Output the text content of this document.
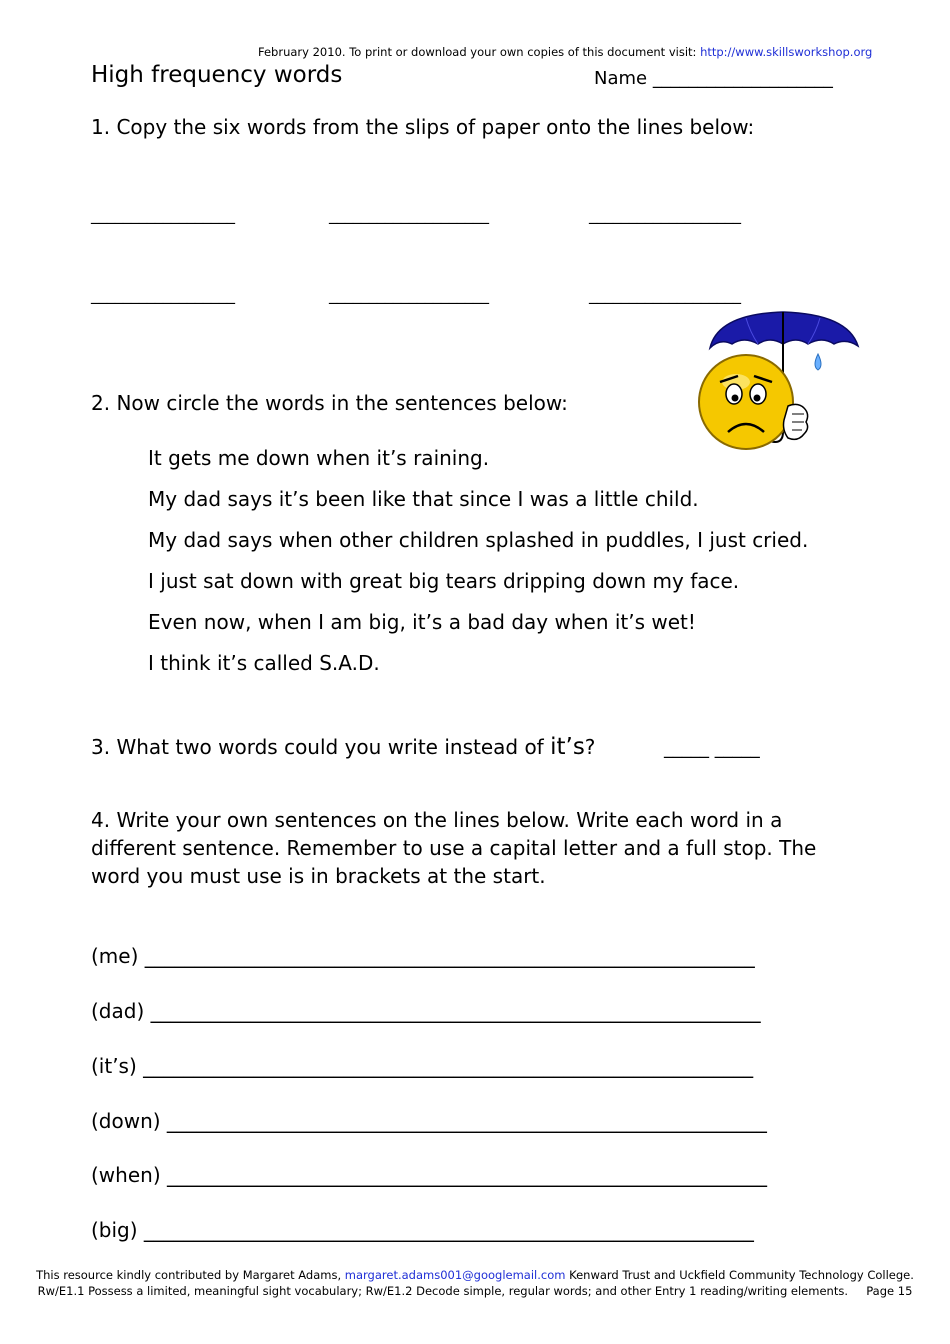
February 2010. To print or download your own copies of this document visit: http://www.skillsworkshop.org
High frequency words	Name ____________________
1. Copy the six words from the slips of paper onto the lines below:
__________________	____________________	___________________
__________________	____________________	___________________
2. Now circle the words in the sentences below:
It gets me down when it’s raining.
My dad says it’s been like that since I was a little child.
My dad says when other children splashed in puddles, I just cried.
I just sat down with great big tears dripping down my face.
Even now, when I am big, it’s a bad day when it’s wet!
I think it’s called S.A.D.
3. What two words could you write instead of it’s?	_____ _____
4. Write your own sentences on the lines below. Write each word in a different sentence. Remember to use a capital letter and a full stop. The word you must use is in brackets at the start.
(me) _____________________________________________________________
(dad) _____________________________________________________________
(it’s) _____________________________________________________________
(down) ____________________________________________________________
(when) ____________________________________________________________
(big) _____________________________________________________________
This resource kindly contributed by Margaret Adams, margaret.adams001@googlemail.com Kenward Trust and Uckfield Community Technology College.
Rw/E1.1 Possess a limited, meaningful sight vocabulary; Rw/E1.2 Decode simple, regular words; and other Entry 1 reading/writing elements.     Page 15
